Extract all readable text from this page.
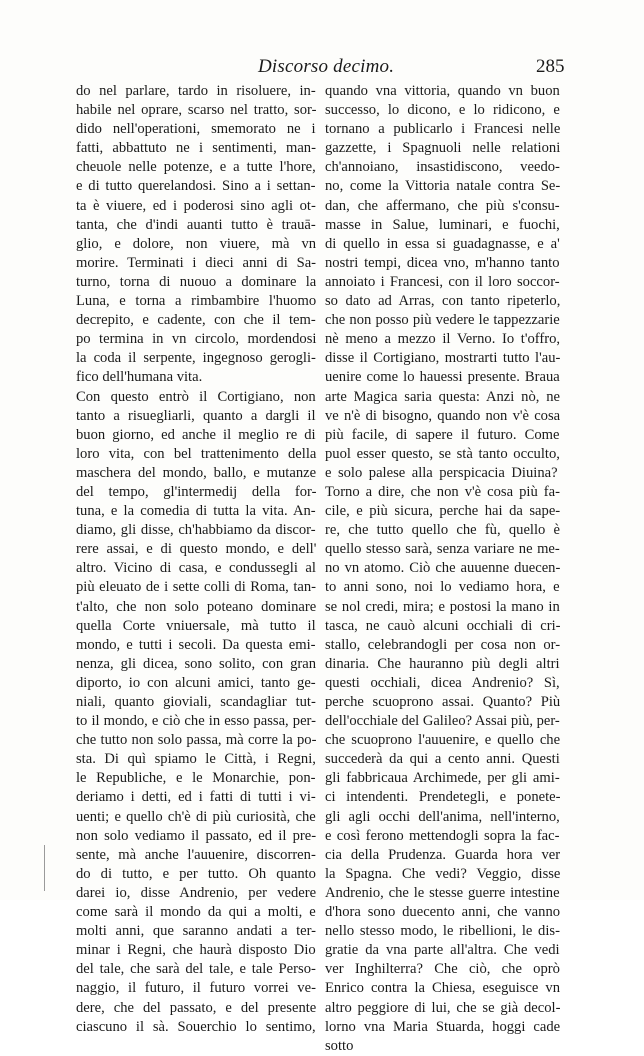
Discorso decimo.	285
do nel parlare, tardo in risoluere, in-
habile nel oprare, scarso nel tratto, sor-
dido nell'operationi, smemorato ne i
fatti, abbattuto ne i sentimenti, man-
cheuole nelle potenze, e a tutte l'hore,
e di tutto querelandosi. Sino a i settan-
ta è viuere, ed i poderosi sino agli ot-
tanta, che d'indi auanti tutto è trauā-
glio, e dolore, non viuere, mà vn
morire. Terminati i dieci anni di Sa-
turno, torna di nuouo a dominare la
Luna, e torna a rimbambire l'huomo
decrepito, e cadente, con che il tem-
po termina in vn circolo, mordendosi
la coda il serpente, ingegnoso gerogli-
fico dell'humana vita.
Con questo entrò il Cortigiano, non
tanto a risuegliarli, quanto a dargli il
buon giorno, ed anche il meglio re di
loro vita, con bel trattenimento della
maschera del mondo, ballo, e mutanze
del tempo, gl'intermedij della for-
tuna, e la comedia di tutta la vita. An-
diamo, gli disse, ch'habbiamo da discor-
rere assai, e di questo mondo, e dell'
altro. Vicino di casa, e condussegli al
più eleuato de i sette colli di Roma, tan-
t'alto, che non solo poteano dominare
quella Corte vniuersale, mà tutto il
mondo, e tutti i secoli. Da questa emi-
nenza, gli dicea, sono solito, con gran
diporto, io con alcuni amici, tanto ge-
niali, quanto gioviali, scandagliar tut-
to il mondo, e ciò che in esso passa, per-
che tutto non solo passa, mà corre la po-
sta. Di quì spiamo le Città, i Regni,
le Republiche, e le Monarchie, pon-
deriamo i detti, ed i fatti di tutti i vi-
uenti; e quello ch'è di più curiosità, che
non solo vediamo il passato, ed il pre-
sente, mà anche l'auuenire, discorren-
do di tutto, e per tutto. Oh quanto
darei io, disse Andrenio, per vedere
come sarà il mondo da qui a molti, e
molti anni, que saranno andati a ter-
minar i Regni, che haurà disposto Dio
del tale, che sarà del tale, e tale Perso-
naggio, il futuro, il futuro vorrei ve-
dere, che del passato, e del presente
ciascuno il sà. Souerchio lo sentimo,
quando vna vittoria, quando vn buon
successo, lo dicono, e lo ridicono, e
tornano a publicarlo i Francesi nelle
gazzette, i Spagnuoli nelle relationi
ch'annoiano, insastidiscono, veedo-
no, come la Vittoria natale contra Se-
dan, che affermano, che più s'consu-
masse in Salue, luminari, e fuochi,
di quello in essa si guadagnasse, e a'
nostri tempi, dicea vno, m'hanno tanto
annoiato i Francesi, con il loro soccor-
so dato ad Arras, con tanto ripeterlo,
che non posso più vedere le tappezzarie
nè meno a mezzo il Verno. Io t'offro,
disse il Cortigiano, mostrarti tutto l'au-
uenire come lo hauessi presente. Braua
arte Magica saria questa: Anzi nò, ne
ve n'è di bisogno, quando non v'è cosa
più facile, di sapere il futuro. Come
puol esser questo, se stà tanto occulto,
e solo palese alla perspicacia Diuina?
Torno a dire, che non v'è cosa più fa-
cile, e più sicura, perche hai da sape-
re, che tutto quello che fù, quello è
quello stesso sarà, senza variare ne me-
no vn atomo. Ciò che auuenne duecen-
to anni sono, noi lo vediamo hora, e
se nol credi, mira; e postosi la mano in
tasca, ne cauò alcuni occhiali di cri-
stallo, celebrandogli per cosa non or-
dinaria. Che hauranno più degli altri
questi occhiali, dicea Andrenio? Sì,
perche scuoprono assai. Quanto? Più
dell'occhiale del Galileo? Assai più, per-
che scuoprono l'auuenire, e quello che
succederà da qui a cento anni. Questi
gli fabbricaua Archimede, per gli ami-
ci intendenti. Prendetegli, e ponete-
gli agli occhi dell'anima, nell'interno,
e così ferono mettendogli sopra la fac-
cia della Prudenza. Guarda hora ver
la Spagna. Che vedi? Veggio, disse
Andrenio, che le stesse guerre intestine
d'hora sono duecento anni, che vanno
nello stesso modo, le ribellioni, le dis-
gratie da vna parte all'altra. Che vedi
ver Inghilterra? Che ciò, che oprò
Enrico contra la Chiesa, eseguisce vn
altro peggiore di lui, che se già decol-
lorno vna Maria Stuarda, hoggi cade
sotto
